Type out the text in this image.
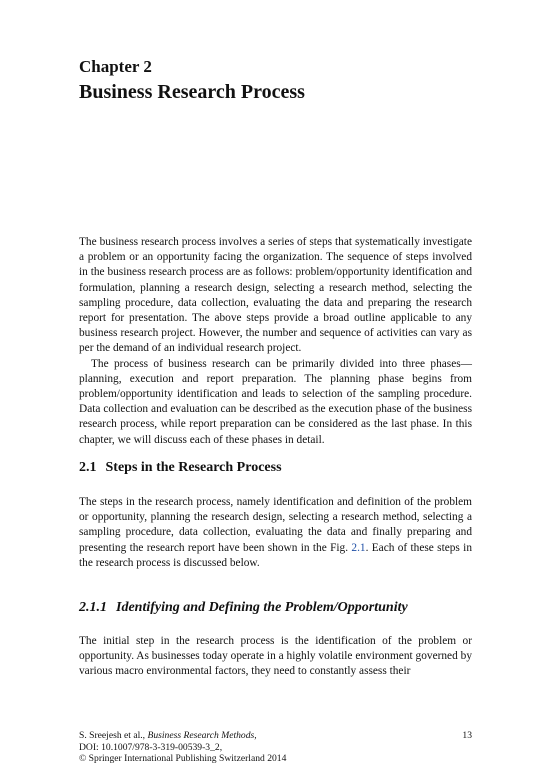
Chapter 2
Business Research Process

The business research process involves a series of steps that systematically investigate a problem or an opportunity facing the organization. The sequence of steps involved in the business research process are as follows: problem/opportunity identification and formulation, planning a research design, selecting a research method, selecting the sampling procedure, data collection, evaluating the data and preparing the research report for presentation. The above steps provide a broad outline applicable to any business research project. However, the number and sequence of activities can vary as per the demand of an individual research project.

The process of business research can be primarily divided into three phases—planning, execution and report preparation. The planning phase begins from problem/opportunity identification and leads to selection of the sampling procedure. Data collection and evaluation can be described as the execution phase of the business research process, while report preparation can be considered as the last phase. In this chapter, we will discuss each of these phases in detail.

2.1 Steps in the Research Process

The steps in the research process, namely identification and definition of the problem or opportunity, planning the research design, selecting a research method, selecting a sampling procedure, data collection, evaluating the data and finally preparing and presenting the research report have been shown in the Fig. 2.1. Each of these steps in the research process is discussed below.

2.1.1 Identifying and Defining the Problem/Opportunity

The initial step in the research process is the identification of the problem or opportunity. As businesses today operate in a highly volatile environment governed by various macro environmental factors, they need to constantly assess their

S. Sreejesh et al., Business Research Methods,
DOI: 10.1007/978-3-319-00539-3_2,
© Springer International Publishing Switzerland 2014
13
